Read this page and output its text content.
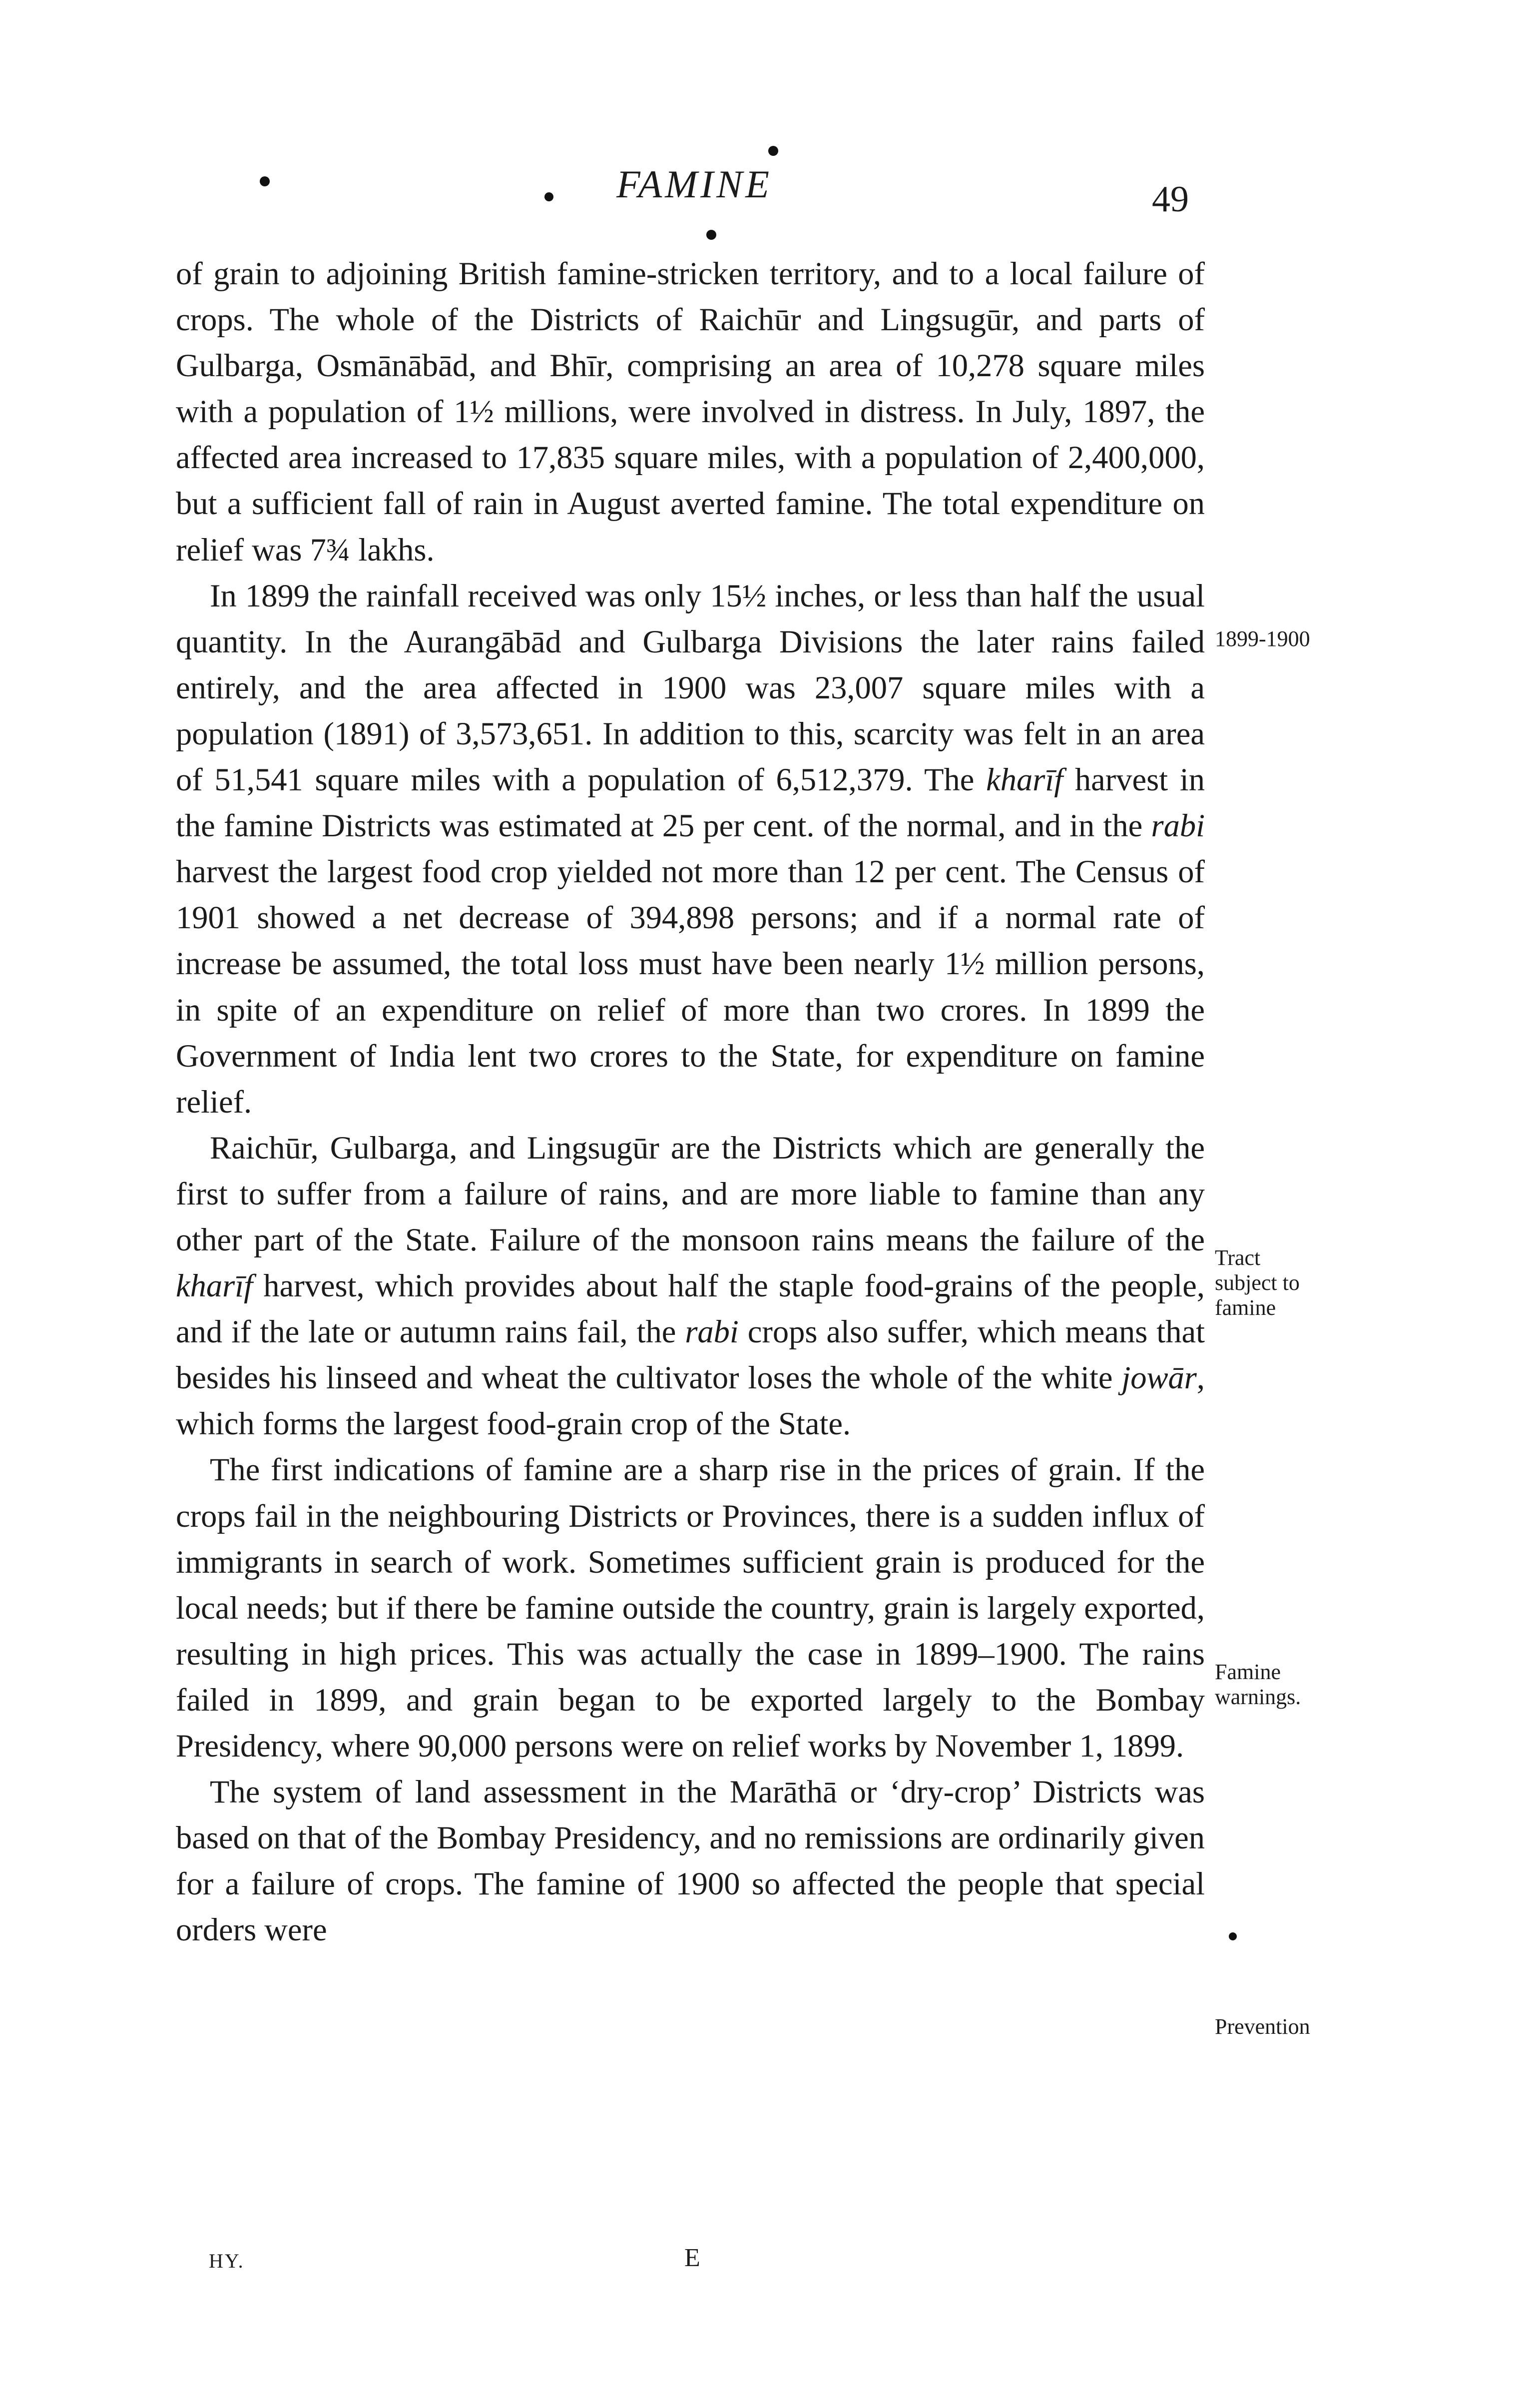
FAMINE	49

of grain to adjoining British famine-stricken territory, and to a local failure of crops. The whole of the Districts of Raichūr and Lingsugūr, and parts of Gulbarga, Osmānābād, and Bhīr, comprising an area of 10,278 square miles with a population of 1½ millions, were involved in distress. In July, 1897, the affected area increased to 17,835 square miles, with a population of 2,400,000, but a sufficient fall of rain in August averted famine. The total expenditure on relief was 7¾ lakhs.

In 1899 the rainfall received was only 15½ inches, or less than half the usual quantity. In the Aurangābād and Gulbarga Divisions the later rains failed entirely, and the area affected in 1900 was 23,007 square miles with a population (1891) of 3,573,651. In addition to this, scarcity was felt in an area of 51,541 square miles with a population of 6,512,379. The kharīf harvest in the famine Districts was estimated at 25 per cent. of the normal, and in the rabi harvest the largest food crop yielded not more than 12 per cent. The Census of 1901 showed a net decrease of 394,898 persons; and if a normal rate of increase be assumed, the total loss must have been nearly 1½ million persons, in spite of an expenditure on relief of more than two crores. In 1899 the Government of India lent two crores to the State, for expenditure on famine relief.

Raichūr, Gulbarga, and Lingsugūr are the Districts which are generally the first to suffer from a failure of rains, and are more liable to famine than any other part of the State. Failure of the monsoon rains means the failure of the kharīf harvest, which provides about half the staple food-grains of the people, and if the late or autumn rains fail, the rabi crops also suffer, which means that besides his linseed and wheat the cultivator loses the whole of the white jowār, which forms the largest food-grain crop of the State.

The first indications of famine are a sharp rise in the prices of grain. If the crops fail in the neighbouring Districts or Provinces, there is a sudden influx of immigrants in search of work. Sometimes sufficient grain is produced for the local needs; but if there be famine outside the country, grain is largely exported, resulting in high prices. This was actually the case in 1899–1900. The rains failed in 1899, and grain began to be exported largely to the Bombay Presidency, where 90,000 persons were on relief works by November 1, 1899.

The system of land assessment in the Marāthā or ‘dry-crop’ Districts was based on that of the Bombay Presidency, and no remissions are ordinarily given for a failure of crops. The famine of 1900 so affected the people that special orders were

1899-1900
Tract
subject to
famine
Famine
warnings.
Prevention
HY.	E
